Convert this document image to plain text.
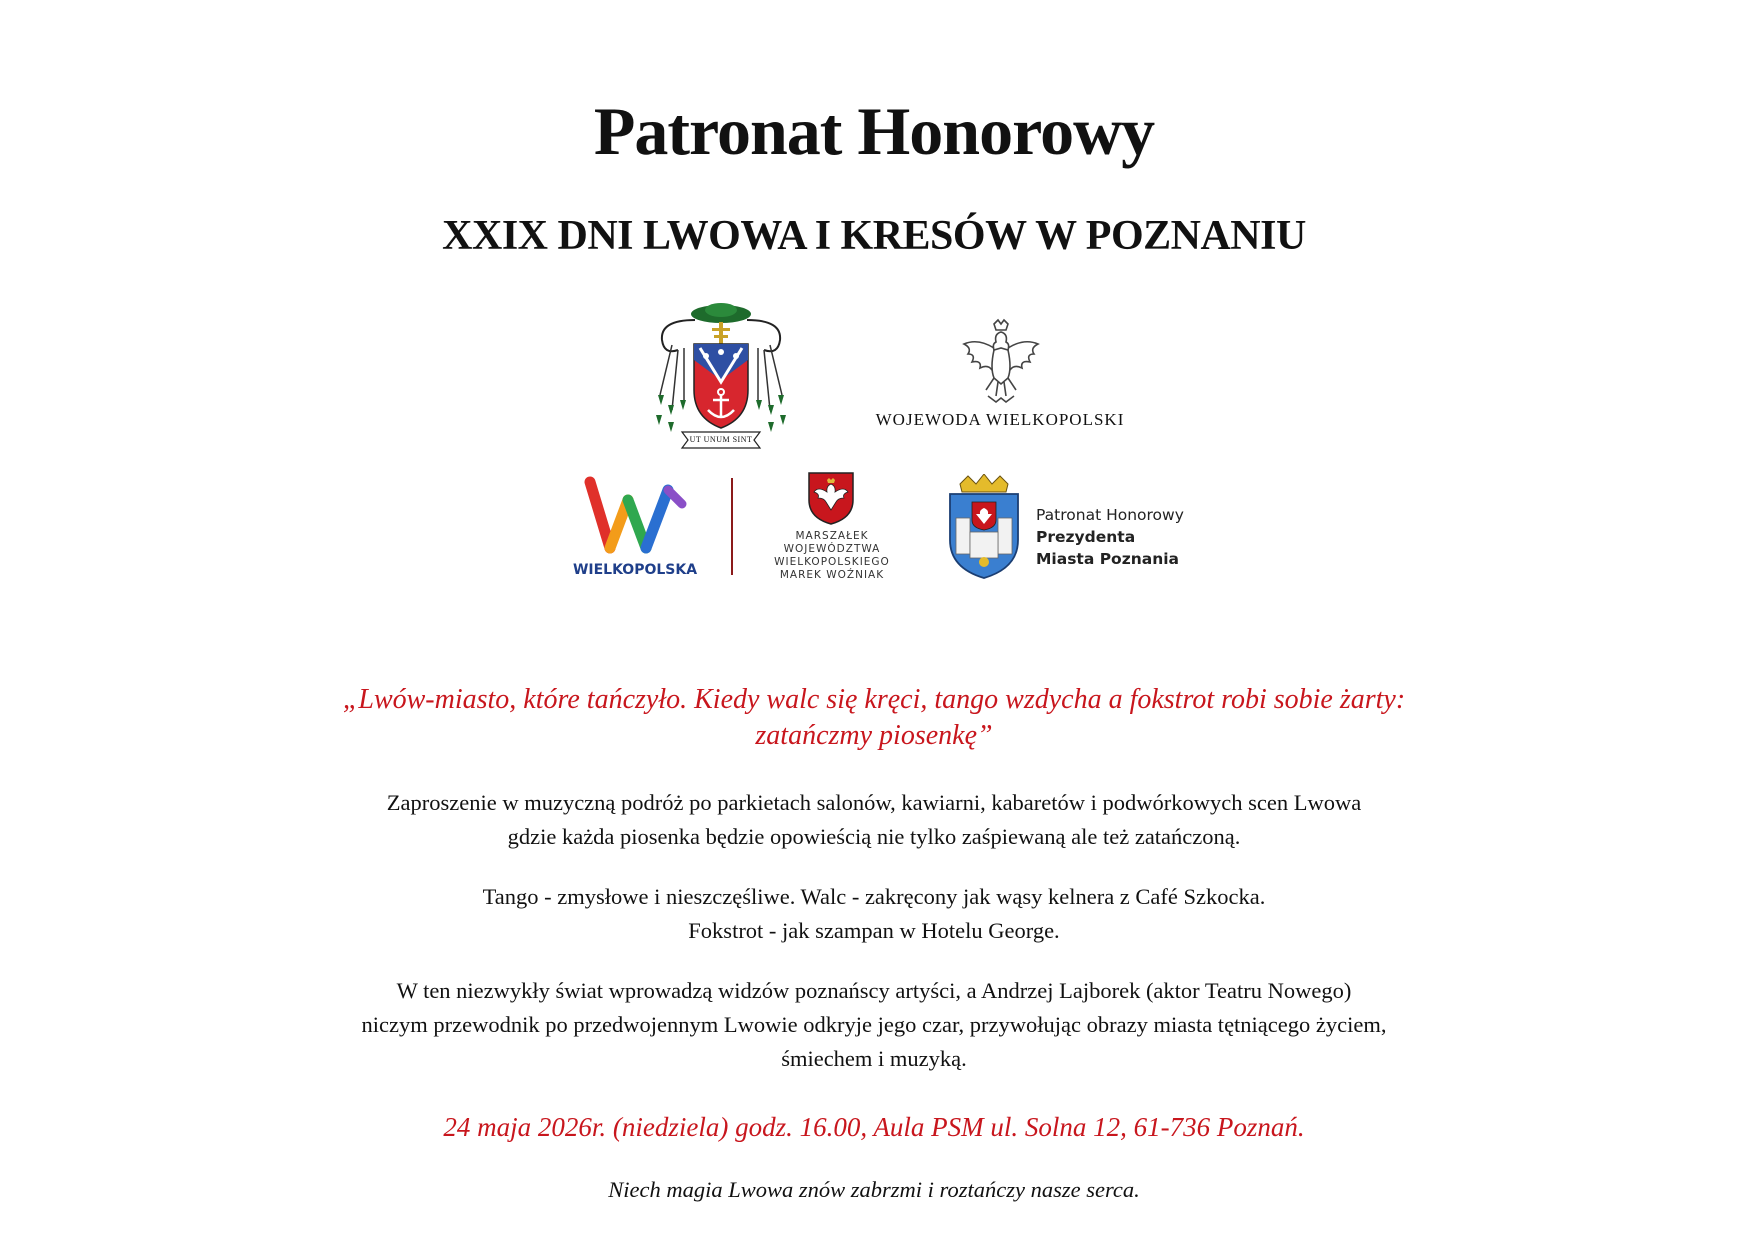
Patronat Honorowy
XXIX DNI LWOWA I KRESÓW W POZNANIU
UT UNUM SINT
WOJEWODA WIELKOPOLSKI
WIELKOPOLSKA
MARSZAŁEK
WOJEWÓDZTWA
WIELKOPOLSKIEGO
MAREK WOŹNIAK
Patronat Honorowy
Prezydenta
Miasta Poznania
„Lwów-miasto, które tańczyło. Kiedy walc się kręci, tango wzdycha a fokstrot robi sobie żarty:
zatańczmy piosenkę”
Zaproszenie w muzyczną podróż po parkietach salonów, kawiarni, kabaretów i podwórkowych scen Lwowa
gdzie każda piosenka będzie opowieścią nie tylko zaśpiewaną ale też zatańczoną.
Tango - zmysłowe i nieszczęśliwe. Walc - zakręcony jak wąsy kelnera z Café Szkocka.
Fokstrot - jak szampan w Hotelu George.
W ten niezwykły świat wprowadzą widzów poznańscy artyści, a Andrzej Lajborek (aktor Teatru Nowego)
niczym przewodnik po przedwojennym Lwowie odkryje jego czar, przywołując obrazy miasta tętniącego życiem,
śmiechem i muzyką.
24 maja 2026r. (niedziela) godz. 16.00, Aula PSM ul. Solna 12, 61-736 Poznań.
Niech magia Lwowa znów zabrzmi i roztańczy nasze serca.
